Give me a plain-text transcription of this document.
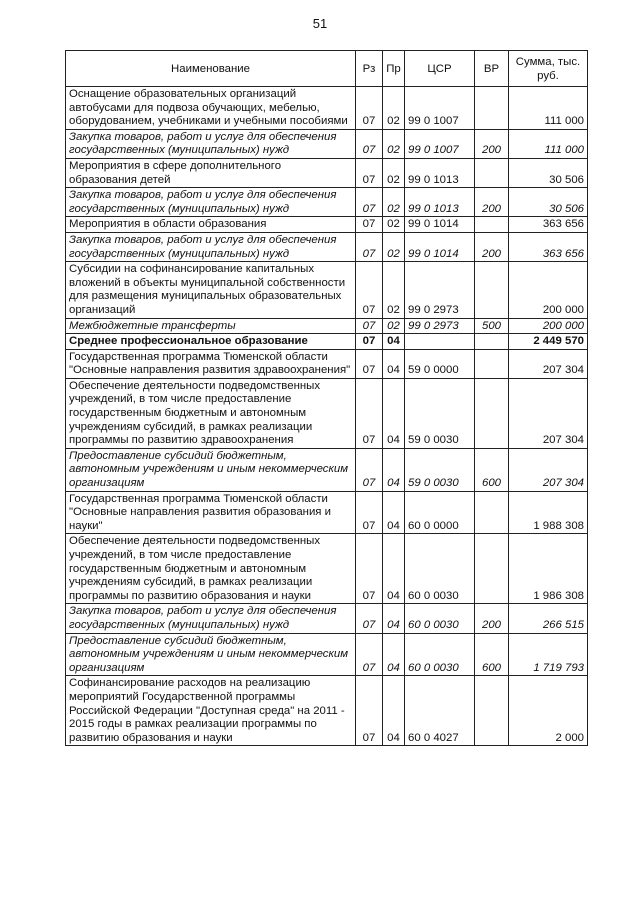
51
Наименование	Рз	Пр	ЦСР	ВР	Сумма, тыс. руб.
Оснащение образовательных организаций автобусами для подвоза обучающих, мебелью, оборудованием, учебниками и учебными пособиями	07	02	99 0 1007		111 000
Закупка товаров, работ и услуг для обеспечения государственных (муниципальных) нужд	07	02	99 0 1007	200	111 000
Мероприятия в сфере дополнительного образования детей	07	02	99 0 1013		30 506
Закупка товаров, работ и услуг для обеспечения государственных (муниципальных) нужд	07	02	99 0 1013	200	30 506
Мероприятия в области образования	07	02	99 0 1014		363 656
Закупка товаров, работ и услуг для обеспечения государственных (муниципальных) нужд	07	02	99 0 1014	200	363 656
Субсидии на софинансирование капитальных вложений в объекты муниципальной собственности для размещения муниципальных образовательных организаций	07	02	99 0 2973		200 000
Межбюджетные трансферты	07	02	99 0 2973	500	200 000
Среднее профессиональное образование	07	04			2 449 570
Государственная программа Тюменской области "Основные направления развития здравоохранения"	07	04	59 0 0000		207 304
Обеспечение деятельности подведомственных учреждений, в том числе предоставление государственным бюджетным и автономным учреждениям субсидий, в рамках реализации программы по развитию здравоохранения	07	04	59 0 0030		207 304
Предоставление субсидий бюджетным, автономным учреждениям и иным некоммерческим организациям	07	04	59 0 0030	600	207 304
Государственная программа Тюменской области "Основные направления развития образования и науки"	07	04	60 0 0000		1 988 308
Обеспечение деятельности подведомственных учреждений, в том числе предоставление государственным бюджетным и автономным учреждениям субсидий, в рамках реализации программы по развитию образования и науки	07	04	60 0 0030		1 986 308
Закупка товаров, работ и услуг для обеспечения государственных (муниципальных) нужд	07	04	60 0 0030	200	266 515
Предоставление субсидий бюджетным, автономным учреждениям и иным некоммерческим организациям	07	04	60 0 0030	600	1 719 793
Софинансирование расходов на реализацию мероприятий Государственной программы Российской Федерации "Доступная среда" на 2011 - 2015 годы в рамках реализации программы по развитию образования и науки	07	04	60 0 4027		2 000
